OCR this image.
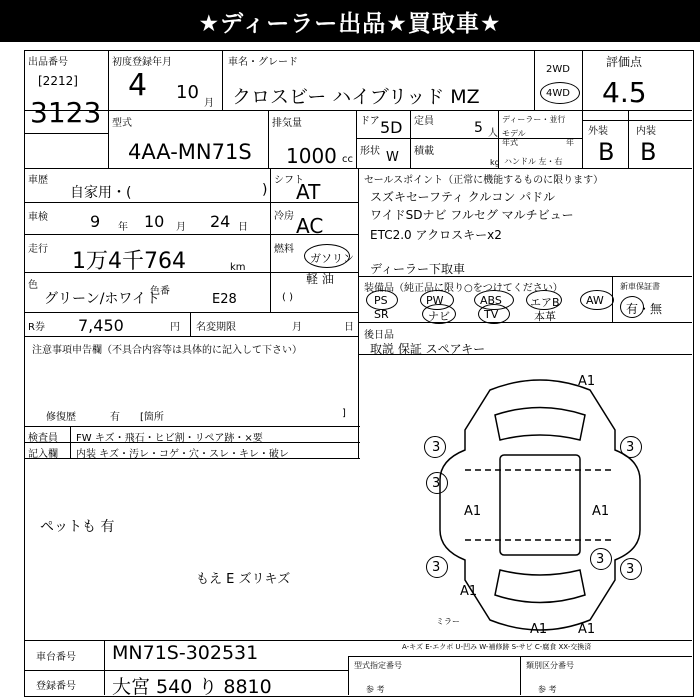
★ディーラー出品★買取車★
出品番号
[2212]
3123
初度登録年月
4 10
月
車名・グレード
クロスビー ハイブリッド MZ
2WD
4WD
評価点
4.5
型式
4AA-MN71S
排気量
1000 cc
ドア 5D 定員	5 人
ディーラー・並行
モデル
年式	年
形状 W 積載
kg ハンドル 左・右
外装	内装
B B
車歴
自家用・(	)
シフト
AT
車検	9 年 10 月 24 日
冷房 AC
走行 1万4千764	km
燃料
ガソリン
軽 油
( )
色
グリーン/ホワイト
色番
E28
R券 7,450	円 名変期限	月	日
注意事項申告欄（不具合内容等は具体的に記入して下さい）
修復歴	有 [箇所	]
検査員
記入欄
FW キズ・飛石・ヒビ割・リペア跡・×要
内装 キズ・汚レ・コゲ・穴・スレ・キレ・破レ
ペットも 有
もえ E ズリキズ
セールスポイント（正常に機能するものに限ります）
スズキセーフティ クルコン パドル
ワイドSDナビ フルセグ マルチビュー
ETC2.0 アクロスキーx2
ディーラー下取車
装備品（純正品に限り○をつけてください）
PS	PW	ABS	エアB AW
SR	ナビ	TV	本革
新車保証書
有・無
後日品
取説 保証 スペアキー
A1
3	3
3
A1	A1
3
3
3
A1
A1 A1
ミラー
A-キズ E-エクボ U-凹み W-補修跡 S-サビ C-腐食 XX-交換済
車台番号 MN71S-302531
登録番号 大宮 540 り 8810
型式指定番号
参 考
類別区分番号
参 考
